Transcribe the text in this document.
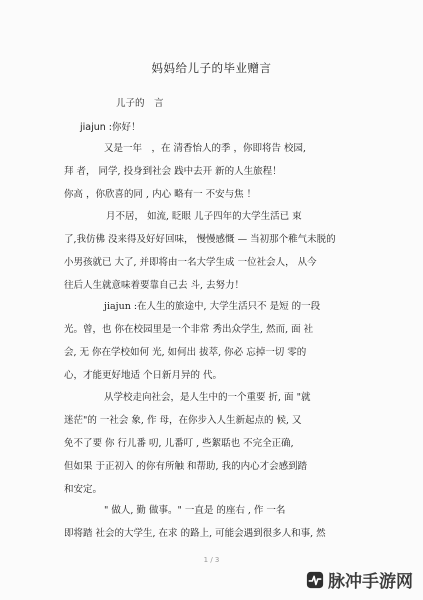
妈妈给儿子的毕业赠言
儿子的　言
jiajun :你好！
又是一年　，在 清香怡人的季 ，你即将告 校园,
拜 者， 同学, 投身到社会 践中去开 新的人生旅程！
你高 ，你欣喜的同 , 内心 略有一 不安与焦 ！
月不居， 如流, 眨眼 儿子四年的大学生活已 束
了,我仿佛 没来得及好好回味， 慢慢感慨 — 当初那个稚气未脱的
小男孩就已 大了, 并即将由一名大学生成 一位社会人， 从今
往后人生就意味着要靠自己去 斗, 去努力！
jiajun :在人生的旅途中, 大学生活只不 是短 的一段
光。曾，也 你在校园里是一个非常 秀出众学生, 然而, 面 社
会, 无 你在学校如何 光, 如何出 拔萃, 你必 忘掉一切 零的
心，才能更好地适 个日新月异的 代。
从学校走向社会，是人生中的一个重要 折, 面 "就
迷茫"的 一社会 象, 作 母，在你步入人生新起点的 候, 又
免不了要 你 行儿番 叨, 儿番叮 , 些絮聒也 不完全正确,
但如果 于正初入 的你有所触 和帮助, 我的内心才会感到踏
和安定。
" 做人, 勤 做事。" 一直是 的座右 , 作 一名
即将踏 社会的大学生, 在求 的路上, 可能会遇到很多人和事, 然
1 / 3
脉冲手游网
